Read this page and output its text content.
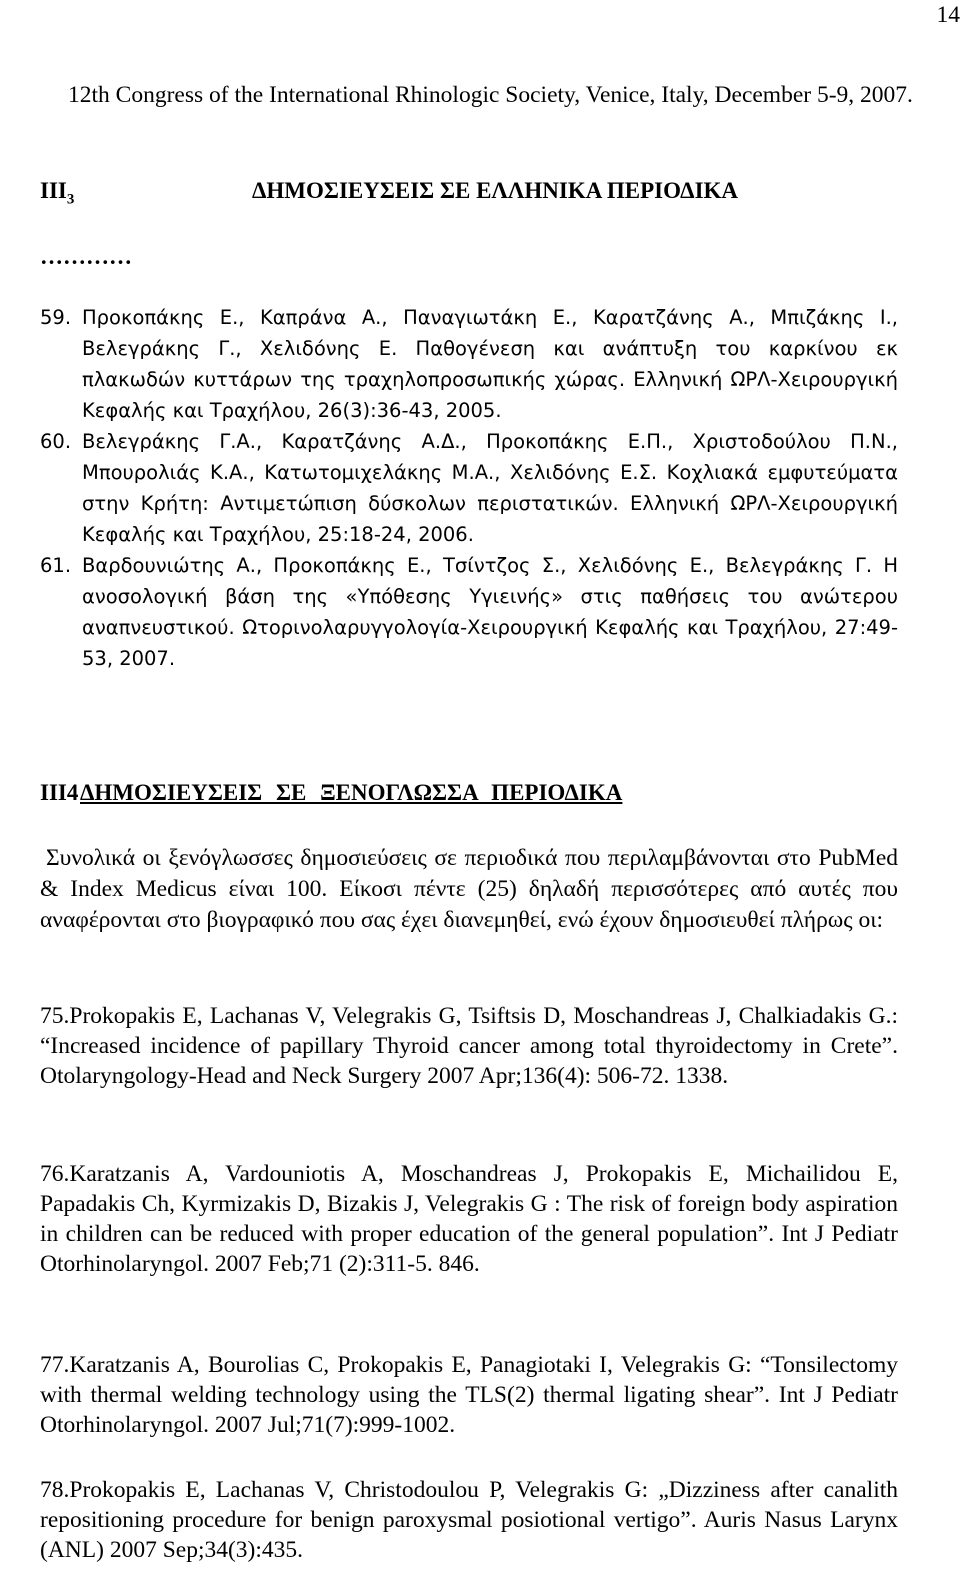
14
12th Congress of the International Rhinologic Society, Venice, Italy, December 5-9, 2007.
$III_3$	ΔΗΜΟΣΙΕΥΣΕΙΣ ΣΕ ΕΛΛΗΝΙΚΑ ΠΕΡΙΟΔΙΚΑ
…………
59. Προκοπάκης Ε., Καπράνα Α., Παναγιωτάκη Ε., Καρατζάνης Α., Μπιζάκης Ι., Βελεγράκης Γ., Χελιδόνης Ε. Παθογένεση και ανάπτυξη του καρκίνου εκ πλακωδών κυττάρων της τραχηλοπροσωπικής χώρας. Ελληνική ΩΡΛ-Χειρουργική Κεφαλής και Τραχήλου, 26(3):36-43, 2005.
60. Βελεγράκης Γ.Α., Καρατζάνης Α.Δ., Προκοπάκης Ε.Π., Χριστοδούλου Π.Ν., Μπουρολιάς Κ.Α., Κατωτομιχελάκης Μ.Α., Χελιδόνης Ε.Σ. Κοχλιακά εμφυτεύματα στην Κρήτη: Αντιμετώπιση δύσκολων περιστατικών. Ελληνική ΩΡΛ-Χειρουργική Κεφαλής και Τραχήλου, 25:18-24, 2006.
61. Βαρδουνιώτης Α., Προκοπάκης Ε., Τσίντζος Σ., Χελιδόνης Ε., Βελεγράκης Γ. Η ανοσολογική βάση της «Υπόθεσης Υγιεινής» στις παθήσεις του ανώτερου αναπνευστικού. Ωτορινολαρυγγολογία-Χειρουργική Κεφαλής και Τραχήλου, 27:49-53, 2007.
III4 ΔΗΜΟΣΙΕΥΣΕΙΣ ΣΕ ΞΕΝΟΓΛΩΣΣΑ ΠΕΡΙΟΔΙΚΑ
Συνολικά οι ξενόγλωσσες δημοσιεύσεις σε περιοδικά που περιλαμβάνονται στο PubMed & Index Medicus είναι 100. Είκοσι πέντε (25) δηλαδή περισσότερες από αυτές που αναφέρονται στο βιογραφικό που σας έχει διανεμηθεί, ενώ έχουν δημοσιευθεί πλήρως οι:
75.Prokopakis E, Lachanas V, Velegrakis G, Tsiftsis D, Moschandreas J, Chalkiadakis G.: “Increased incidence of papillary Thyroid cancer among total thyroidectomy in Crete”. Otolaryngology-Head and Neck Surgery 2007 Apr;136(4): 506-72. 1338.
76.Karatzanis A, Vardouniotis A, Moschandreas J, Prokopakis E, Michailidou E, Papadakis Ch, Kyrmizakis D, Bizakis J, Velegrakis G : The risk of foreign body aspiration in children can be reduced with proper education of the general population”. Int J Pediatr Otorhinolaryngol. 2007 Feb;71 (2):311-5. 846.
77.Karatzanis A, Bourolias C, Prokopakis E, Panagiotaki I, Velegrakis G: “Tonsilectomy with thermal welding technology using the TLS(2) thermal ligating shear”. Int J Pediatr Otorhinolaryngol. 2007 Jul;71(7):999-1002.
78.Prokopakis E, Lachanas V, Christodoulou P, Velegrakis G: „Dizziness after canalith repositioning procedure for benign paroxysmal posiotional vertigo”. Auris Nasus Larynx (ANL) 2007 Sep;34(3):435.
